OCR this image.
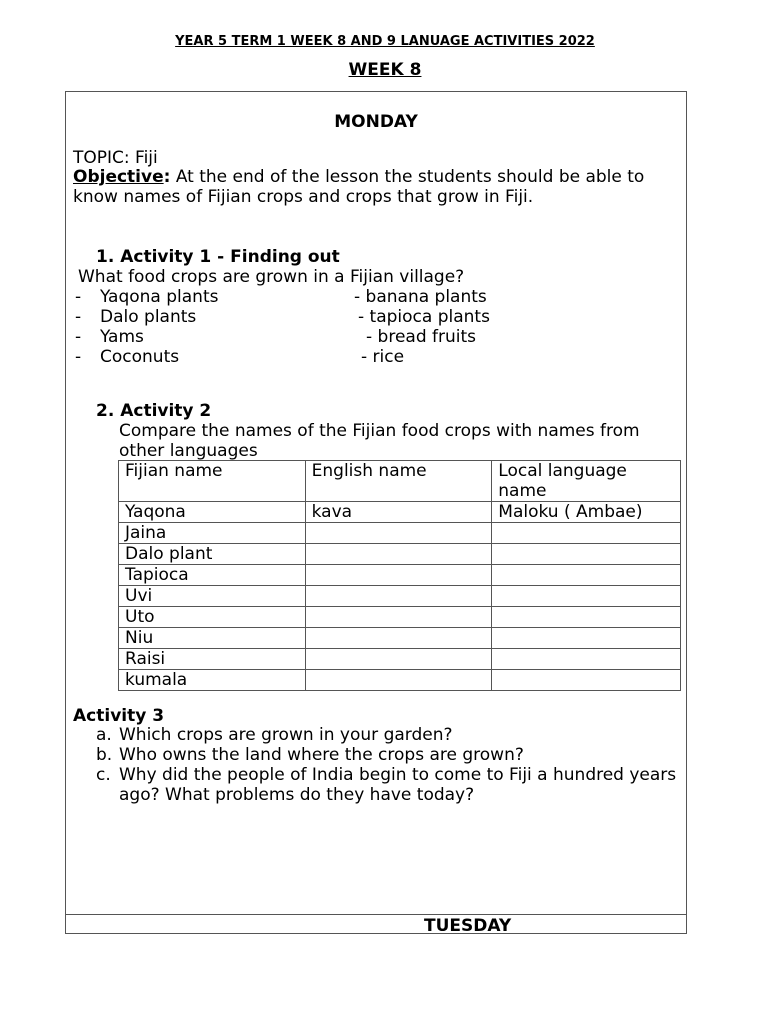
YEAR 5 TERM 1 WEEK 8 AND 9 LANUAGE ACTIVITIES 2022
WEEK 8
MONDAY
TOPIC: Fiji
Objective: At the end of the lesson the students should be able to know names of Fijian crops and crops that grow in Fiji.
1. Activity 1 - Finding out
What food crops are grown in a Fijian village?
- Yaqona plants
- Dalo plants
- Yams
- Coconuts
- banana plants
- tapioca plants
- bread fruits
- rice
2. Activity 2
Compare the names of the Fijian food crops with names from other languages
Fijian name	English name	Local language name
Yaqona	kava	Maloku ( Ambae)
Jaina		
Dalo plant		
Tapioca		
Uvi		
Uto		
Niu		
Raisi		
kumala		
Activity 3
a. Which crops are grown in your garden?
b. Who owns the land where the crops are grown?
c. Why did the people of India begin to come to Fiji a hundred years ago? What problems do they have today?
TUESDAY
